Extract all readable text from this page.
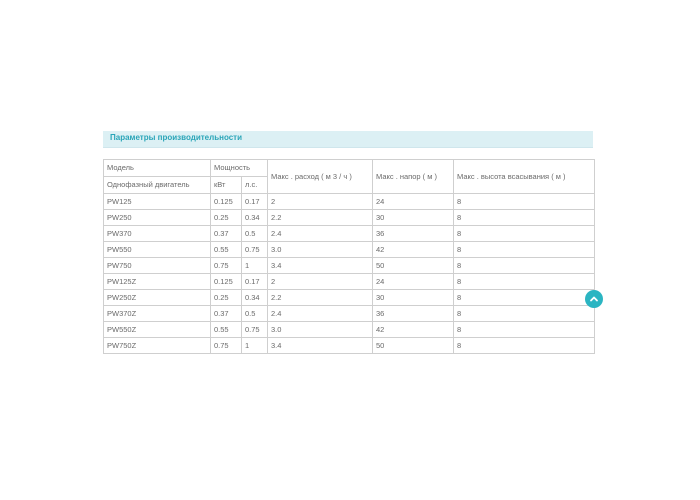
Параметры производительности
Модель	Мощность		Макс . расход ( м 3 / ч )	Макс . напор ( м )	Макс . высота всасывания ( м )
Однофазный двигатель	кВт	л.с.			
PW125	0.125	0.17	2	24	8
PW250	0.25	0.34	2.2	30	8
PW370	0.37	0.5	2.4	36	8
PW550	0.55	0.75	3.0	42	8
PW750	0.75	1	3.4	50	8
PW125Z	0.125	0.17	2	24	8
PW250Z	0.25	0.34	2.2	30	8
PW370Z	0.37	0.5	2.4	36	8
PW550Z	0.55	0.75	3.0	42	8
PW750Z	0.75	1	3.4	50	8
